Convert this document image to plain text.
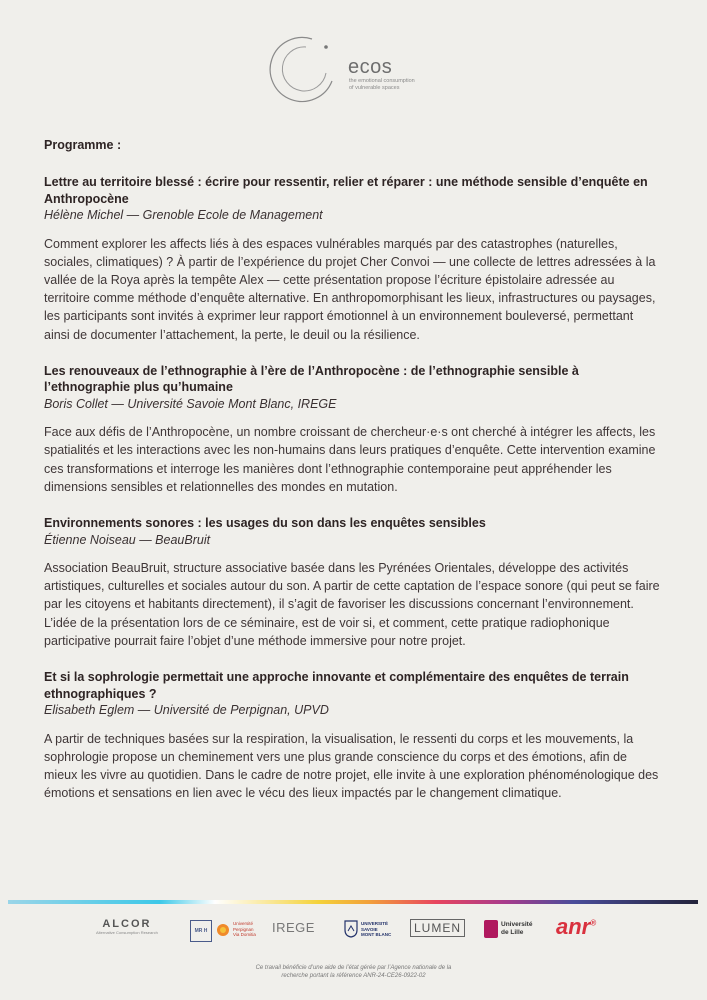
ecos
the emotional consumption
of vulnerable spaces
Programme :
Lettre au territoire blessé : écrire pour ressentir, relier et réparer : une méthode sensible d’enquête en Anthropocène
Hélène Michel — Grenoble Ecole de Management
Comment explorer les affects liés à des espaces vulnérables marqués par des catastrophes (naturelles, sociales, climatiques) ? À partir de l’expérience du projet Cher Convoi — une collecte de lettres adressées à la vallée de la Roya après la tempête Alex — cette présentation propose l’écriture épistolaire adressée au territoire comme méthode d’enquête alternative. En anthropomorphisant les lieux, infrastructures ou paysages, les participants sont invités à exprimer leur rapport émotionnel à un environnement bouleversé, permettant ainsi de documenter l’attachement, la perte, le deuil ou la résilience.
Les renouveaux de l’ethnographie à l’ère de l’Anthropocène : de l’ethnographie sensible à l’ethnographie plus qu’humaine
Boris Collet — Université Savoie Mont Blanc, IREGE
Face aux défis de l’Anthropocène, un nombre croissant de chercheur·e·s ont cherché à intégrer les affects, les spatialités et les interactions avec les non-humains dans leurs pratiques d’enquête. Cette intervention examine ces transformations et interroge les manières dont l’ethnographie contemporaine peut appréhender les dimensions sensibles et relationnelles des mondes en mutation.
Environnements sonores : les usages du son dans les enquêtes sensibles
Étienne Noiseau — BeauBruit
Association BeauBruit, structure associative basée dans les Pyrénées Orientales, développe des activités artistiques, culturelles et sociales autour du son. A partir de cette captation de l’espace sonore (qui peut se faire par les citoyens et habitants directement), il s’agit de favoriser les discussions concernant l’environnement. L’idée de la présentation lors de ce séminaire, est de voir si, et comment, cette pratique radiophonique participative pourrait faire l’objet d’une méthode immersive pour notre projet.
Et si la sophrologie permettait une approche innovante et complémentaire des enquêtes de terrain ethnographiques ?
Elisabeth Eglem — Université de Perpignan, UPVD
A partir de techniques basées sur la respiration, la visualisation, le ressenti du corps et les mouvements, la sophrologie propose un cheminement vers une plus grande conscience du corps et des émotions, afin de mieux les vivre au quotidien. Dans le cadre de notre projet, elle invite à une exploration phénoménologique des émotions et sensations en lien avec le vécu des lieux impactés par le changement climatique.
ALCOR
Alternative Consumption Research	MR H
Université
Perpignan
Via Domitia	IREGE	UNIVERSITÉ
SAVOIE
MONT BLANC	LUMEN	Université
de Lille	anr®
Ce travail bénéficie d’une aide de l’état gérée par l’Agence nationale de la
recherche portant la référence ANR-24-CE26-0922-02
